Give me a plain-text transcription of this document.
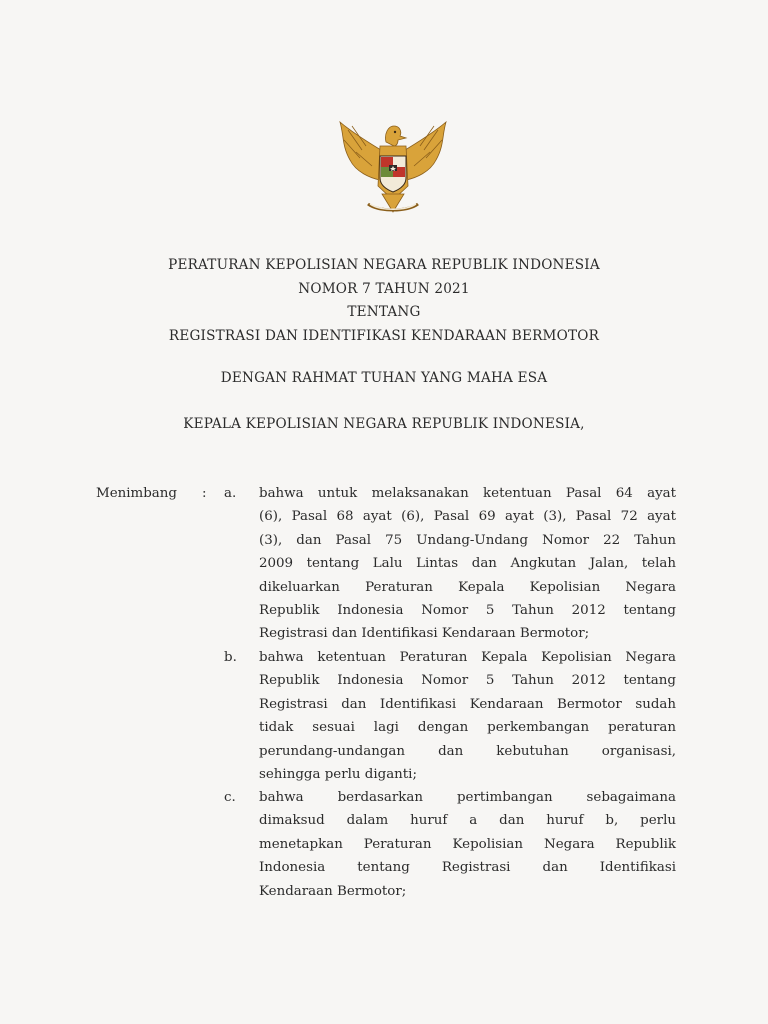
PERATURAN KEPOLISIAN NEGARA REPUBLIK INDONESIA
NOMOR 7 TAHUN 2021
TENTANG
REGISTRASI DAN IDENTIFIKASI KENDARAAN BERMOTOR
DENGAN RAHMAT TUHAN YANG MAHA ESA
KEPALA KEPOLISIAN NEGARA REPUBLIK INDONESIA,
Menimbang : a. bahwa untuk melaksanakan ketentuan Pasal 64 ayat
(6), Pasal 68 ayat (6), Pasal 69 ayat (3), Pasal 72 ayat
(3), dan Pasal 75 Undang-Undang Nomor 22 Tahun
2009 tentang Lalu Lintas dan Angkutan Jalan, telah
dikeluarkan Peraturan Kepala Kepolisian Negara
Republik Indonesia Nomor 5 Tahun 2012 tentang
Registrasi dan Identifikasi Kendaraan Bermotor;
b. bahwa ketentuan Peraturan Kepala Kepolisian Negara
Republik Indonesia Nomor 5 Tahun 2012 tentang
Registrasi dan Identifikasi Kendaraan Bermotor sudah
tidak sesuai lagi dengan perkembangan peraturan
perundang-undangan dan kebutuhan organisasi,
sehingga perlu diganti;
c. bahwa berdasarkan pertimbangan sebagaimana
dimaksud dalam huruf a dan huruf b, perlu
menetapkan Peraturan Kepolisian Negara Republik
Indonesia tentang Registrasi dan Identifikasi
Kendaraan Bermotor;
